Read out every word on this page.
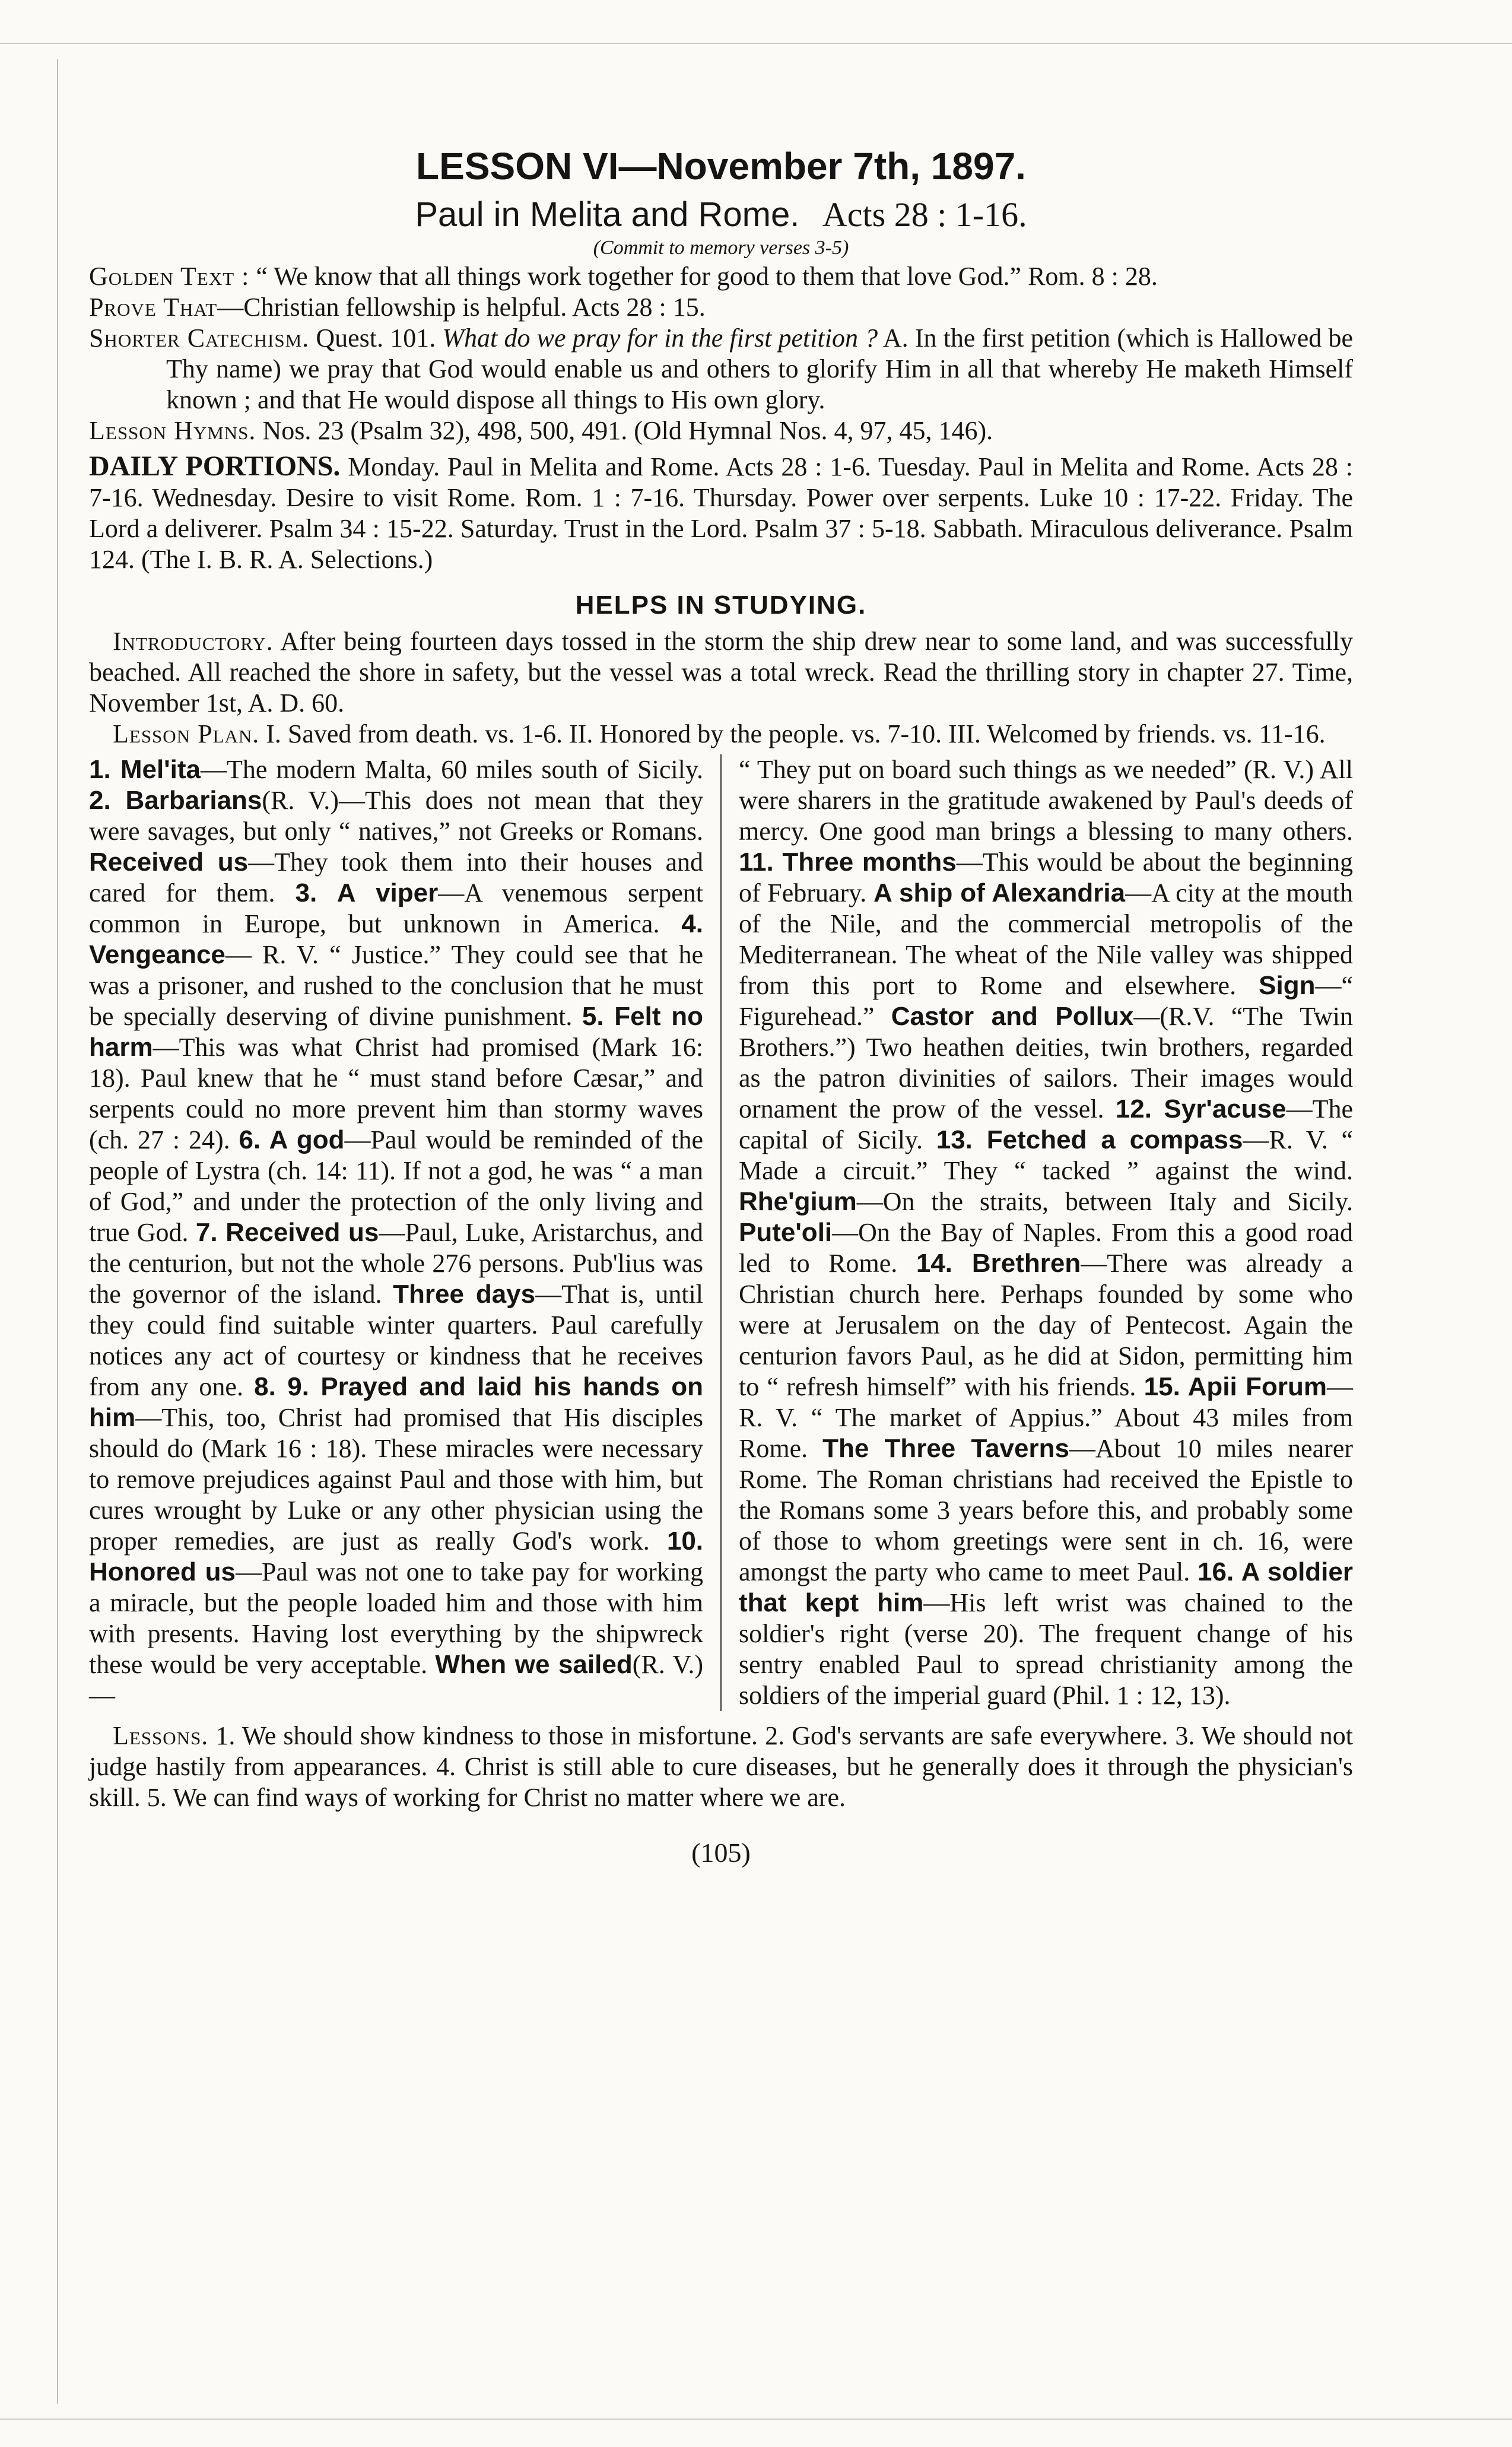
LESSON VI—November 7th, 1897.
Paul in Melita and Rome. Acts 28 : 1-16.
(Commit to memory verses 3-5)
Golden Text : “ We know that all things work together for good to them that love God.” Rom. 8 : 28.
Prove That—Christian fellowship is helpful. Acts 28 : 15.
Shorter Catechism. Quest. 101. What do we pray for in the first petition ? A. In the first petition (which is Hallowed be Thy name) we pray that God would enable us and others to glorify Him in all that whereby He maketh Himself known ; and that He would dispose all things to His own glory.
Lesson Hymns. Nos. 23 (Psalm 32), 498, 500, 491. (Old Hymnal Nos. 4, 97, 45, 146).
DAILY PORTIONS. Monday. Paul in Melita and Rome. Acts 28 : 1-6. Tuesday. Paul in Melita and Rome. Acts 28 : 7-16. Wednesday. Desire to visit Rome. Rom. 1 : 7-16. Thursday. Power over serpents. Luke 10 : 17-22. Friday. The Lord a deliverer. Psalm 34 : 15-22. Saturday. Trust in the Lord. Psalm 37 : 5-18. Sabbath. Miraculous deliverance. Psalm 124. (The I. B. R. A. Selections.)
HELPS IN STUDYING.
Introductory. After being fourteen days tossed in the storm the ship drew near to some land, and was successfully beached. All reached the shore in safety, but the vessel was a total wreck. Read the thrilling story in chapter 27. Time, November 1st, A. D. 60.
Lesson Plan. I. Saved from death. vs. 1-6. II. Honored by the people. vs. 7-10. III. Welcomed by friends. vs. 11-16.
1. Mel'ita—The modern Malta, 60 miles south of Sicily. 2. Barbarians(R. V.)—This does not mean that they were savages, but only “ natives,” not Greeks or Romans. Received us—They took them into their houses and cared for them. 3. A viper—A venemous serpent common in Europe, but unknown in America. 4. Vengeance— R. V. “ Justice.” They could see that he was a prisoner, and rushed to the conclusion that he must be specially deserving of divine punishment. 5. Felt no harm—This was what Christ had promised (Mark 16: 18). Paul knew that he “ must stand before Cæsar,” and serpents could no more prevent him than stormy waves (ch. 27 : 24). 6. A god—Paul would be reminded of the people of Lystra (ch. 14: 11). If not a god, he was “ a man of God,” and under the protection of the only living and true God. 7. Received us—Paul, Luke, Aristarchus, and the centurion, but not the whole 276 persons. Pub'lius was the governor of the island. Three days—That is, until they could find suitable winter quarters. Paul carefully notices any act of courtesy or kindness that he receives from any one. 8. 9. Prayed and laid his hands on him—This, too, Christ had promised that His disciples should do (Mark 16 : 18). These miracles were necessary to remove prejudices against Paul and those with him, but cures wrought by Luke or any other physician using the proper remedies, are just as really God's work. 10. Honored us—Paul was not one to take pay for working a miracle, but the people loaded him and those with him with presents. Having lost everything by the shipwreck these would be very acceptable. When we sailed(R. V.) —
“ They put on board such things as we needed” (R. V.) All were sharers in the gratitude awakened by Paul's deeds of mercy. One good man brings a blessing to many others. 11. Three months—This would be about the beginning of February. A ship of Alexandria—A city at the mouth of the Nile, and the commercial metropolis of the Mediterranean. The wheat of the Nile valley was shipped from this port to Rome and elsewhere. Sign—“ Figurehead.” Castor and Pollux—(R.V. “The Twin Brothers.”) Two heathen deities, twin brothers, regarded as the patron divinities of sailors. Their images would ornament the prow of the vessel. 12. Syr'acuse—The capital of Sicily. 13. Fetched a compass—R. V. “ Made a circuit.” They “ tacked ” against the wind. Rhe'gium—On the straits, between Italy and Sicily. Pute'oli—On the Bay of Naples. From this a good road led to Rome. 14. Brethren—There was already a Christian church here. Perhaps founded by some who were at Jerusalem on the day of Pentecost. Again the centurion favors Paul, as he did at Sidon, permitting him to “ refresh himself” with his friends. 15. Apii Forum—R. V. “ The market of Appius.” About 43 miles from Rome. The Three Taverns—About 10 miles nearer Rome. The Roman christians had received the Epistle to the Romans some 3 years before this, and probably some of those to whom greetings were sent in ch. 16, were amongst the party who came to meet Paul. 16. A soldier that kept him—His left wrist was chained to the soldier's right (verse 20). The frequent change of his sentry enabled Paul to spread christianity among the soldiers of the imperial guard (Phil. 1 : 12, 13).
Lessons. 1. We should show kindness to those in misfortune. 2. God's servants are safe everywhere. 3. We should not judge hastily from appearances. 4. Christ is still able to cure diseases, but he generally does it through the physician's skill. 5. We can find ways of working for Christ no matter where we are.
(105)
